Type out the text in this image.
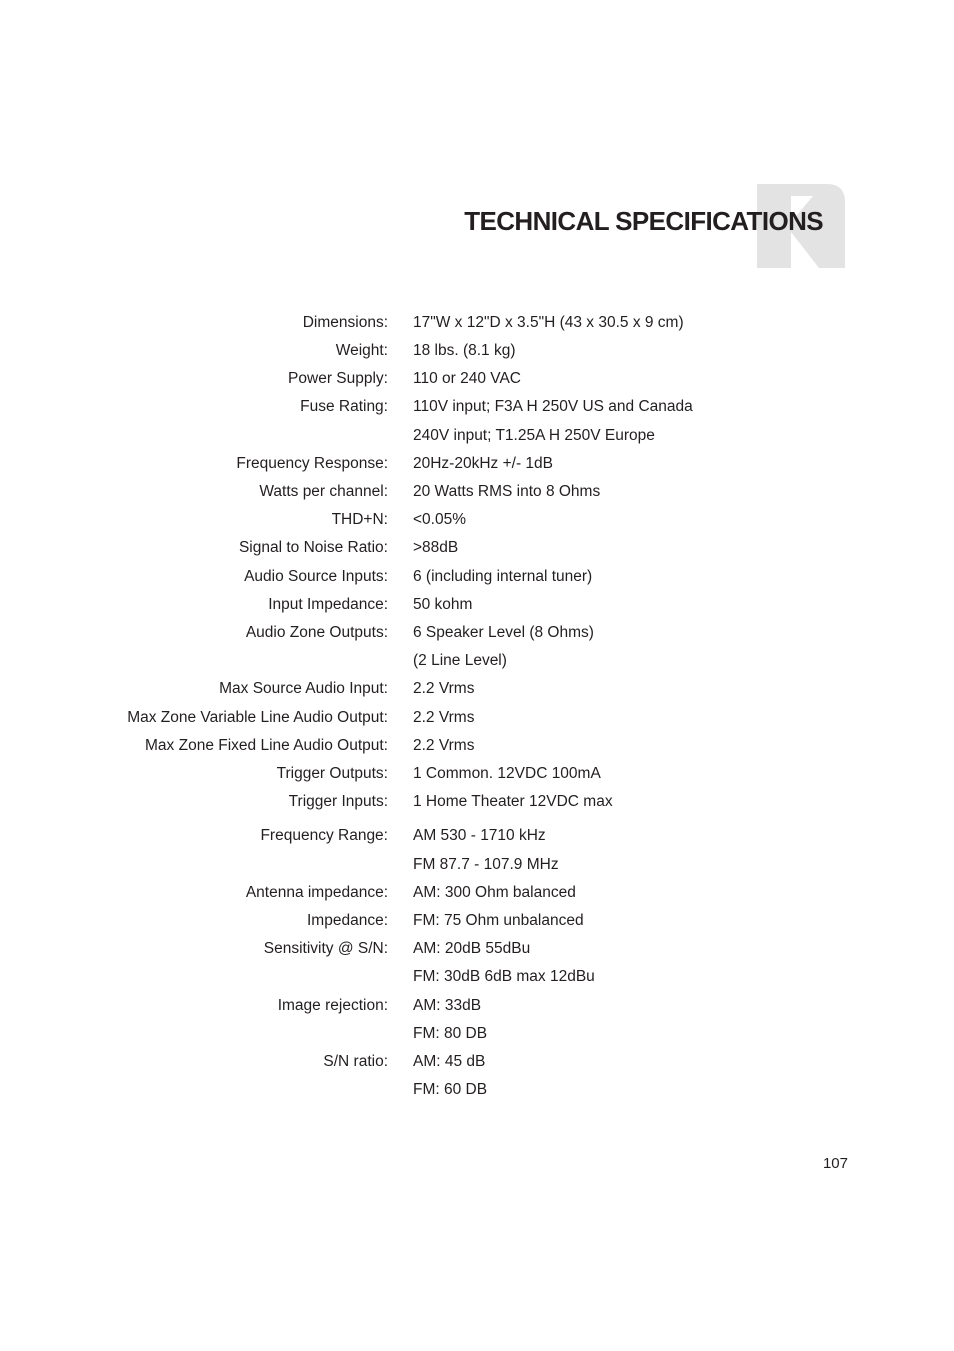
TECHNICAL SPECIFICATIONS
Dimensions: 17"W x 12"D x 3.5"H (43 x 30.5 x 9 cm)
Weight: 18 lbs. (8.1 kg)
Power Supply: 110 or 240 VAC
Fuse Rating: 110V input; F3A H 250V US and Canada
240V input; T1.25A H 250V Europe
Frequency Response: 20Hz-20kHz +/- 1dB
Watts per channel: 20 Watts RMS into 8 Ohms
THD+N: <0.05%
Signal to Noise Ratio: >88dB
Audio Source Inputs: 6 (including internal tuner)
Input Impedance: 50 kohm
Audio Zone Outputs: 6 Speaker Level (8 Ohms)
(2 Line Level)
Max Source Audio Input: 2.2 Vrms
Max Zone Variable Line Audio Output: 2.2 Vrms
Max Zone Fixed Line Audio Output: 2.2 Vrms
Trigger Outputs: 1 Common. 12VDC 100mA
Trigger Inputs: 1 Home Theater 12VDC max
Frequency Range: AM 530 - 1710 kHz
FM 87.7 - 107.9 MHz
Antenna impedance: AM: 300 Ohm balanced
Impedance: FM: 75 Ohm unbalanced
Sensitivity @ S/N: AM: 20dB 55dBu
FM: 30dB 6dB max 12dBu
Image rejection: AM: 33dB
FM: 80 DB
S/N ratio: AM: 45 dB
FM: 60 DB
107
